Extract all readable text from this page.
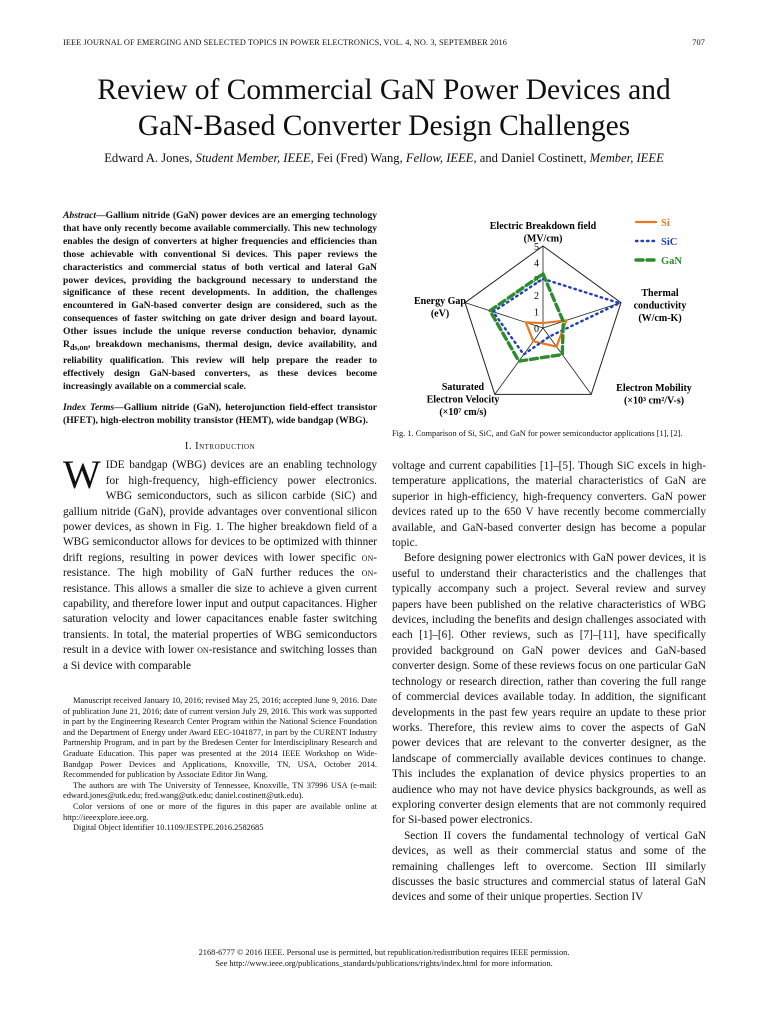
IEEE JOURNAL OF EMERGING AND SELECTED TOPICS IN POWER ELECTRONICS, VOL. 4, NO. 3, SEPTEMBER 2016	707
Review of Commercial GaN Power Devices and
GaN-Based Converter Design Challenges
Edward A. Jones, Student Member, IEEE, Fei (Fred) Wang, Fellow, IEEE, and Daniel Costinett, Member, IEEE
Abstract—Gallium nitride (GaN) power devices are an emerging technology that have only recently become available commercially. This new technology enables the design of converters at higher frequencies and efficiencies than those achievable with conventional Si devices. This paper reviews the characteristics and commercial status of both vertical and lateral GaN power devices, providing the background necessary to understand the significance of these recent developments. In addition, the challenges encountered in GaN-based converter design are considered, such as the consequences of faster switching on gate driver design and board layout. Other issues include the unique reverse conduction behavior, dynamic $R_{ds,on}$, breakdown mechanisms, thermal design, device availability, and reliability qualification. This review will help prepare the reader to effectively design GaN-based converters, as these devices become increasingly available on a commercial scale.
Index Terms—Gallium nitride (GaN), heterojunction field-effect transistor (HFET), high-electron mobility transistor (HEMT), wide bandgap (WBG).
I. Introduction

WIDE bandgap (WBG) devices are an enabling technology for high-frequency, high-efficiency power electronics. WBG semiconductors, such as silicon carbide (SiC) and gallium nitride (GaN), provide advantages over conventional silicon power devices, as shown in Fig. 1. The higher breakdown field of a WBG semiconductor allows for devices to be optimized with thinner drift regions, resulting in power devices with lower specific on-resistance. The high mobility of GaN further reduces the on-resistance. This allows a smaller die size to achieve a given current capability, and therefore lower input and output capacitances. Higher saturation velocity and lower capacitances enable faster switching transients. In total, the material properties of WBG semiconductors result in a device with lower on-resistance and switching losses than a Si device with comparable

Manuscript received January 10, 2016; revised May 25, 2016; accepted June 9, 2016. Date of publication June 21, 2016; date of current version July 29, 2016. This work was supported in part by the Engineering Research Center Program within the National Science Foundation and the Department of Energy under Award EEC-1041877, in part by the CURENT Industry Partnership Program, and in part by the Bredesen Center for Interdisciplinary Research and Graduate Education. This paper was presented at the 2014 IEEE Workshop on Wide-Bandgap Power Devices and Applications, Knoxville, TN, USA, October 2014. Recommended for publication by Associate Editor Jin Wang.

The authors are with The University of Tennessee, Knoxville, TN 37996 USA (e-mail: edward.jones@utk.edu; fred.wang@utk.edu; daniel.costinett@utk.edu).

Color versions of one or more of the figures in this paper are available online at http://ieeexplore.ieee.org.

Digital Object Identifier 10.1109/JESTPE.2016.2582685

0
1
2
3
4
5
Electric Breakdown field (MV/cm)
Thermal conductivity (W/cm-K)
Electron Mobility (×10³ cm²/V-s)
Saturated Electron Velocity (×10⁷ cm/s)
Energy Gap (eV)
Si
SiC
GaN
Fig. 1. Comparison of Si, SiC, and GaN for power semiconductor applications [1], [2].

voltage and current capabilities [1]–[5]. Though SiC excels in high-temperature applications, the material characteristics of GaN are superior in high-efficiency, high-frequency converters. GaN power devices rated up to the 650 V have recently become commercially available, and GaN-based converter design has become a popular topic.

Before designing power electronics with GaN power devices, it is useful to understand their characteristics and the challenges that typically accompany such a project. Several review and survey papers have been published on the relative characteristics of WBG devices, including the benefits and design challenges associated with each [1]–[6]. Other reviews, such as [7]–[11], have specifically provided background on GaN power devices and GaN-based converter design. Some of these reviews focus on one particular GaN technology or research direction, rather than covering the full range of commercial devices available today. In addition, the significant developments in the past few years require an update to these prior works. Therefore, this review aims to cover the aspects of GaN power devices that are relevant to the converter designer, as the landscape of commercially available devices continues to change. This includes the explanation of device physics properties to an audience who may not have device physics backgrounds, as well as exploring converter design elements that are not commonly required for Si-based power electronics.

Section II covers the fundamental technology of vertical GaN devices, as well as their commercial status and some of the remaining challenges left to overcome. Section III similarly discusses the basic structures and commercial status of lateral GaN devices and some of their unique properties. Section IV

2168-6777 © 2016 IEEE. Personal use is permitted, but republication/redistribution requires IEEE permission.
See http://www.ieee.org/publications_standards/publications/rights/index.html for more information.
